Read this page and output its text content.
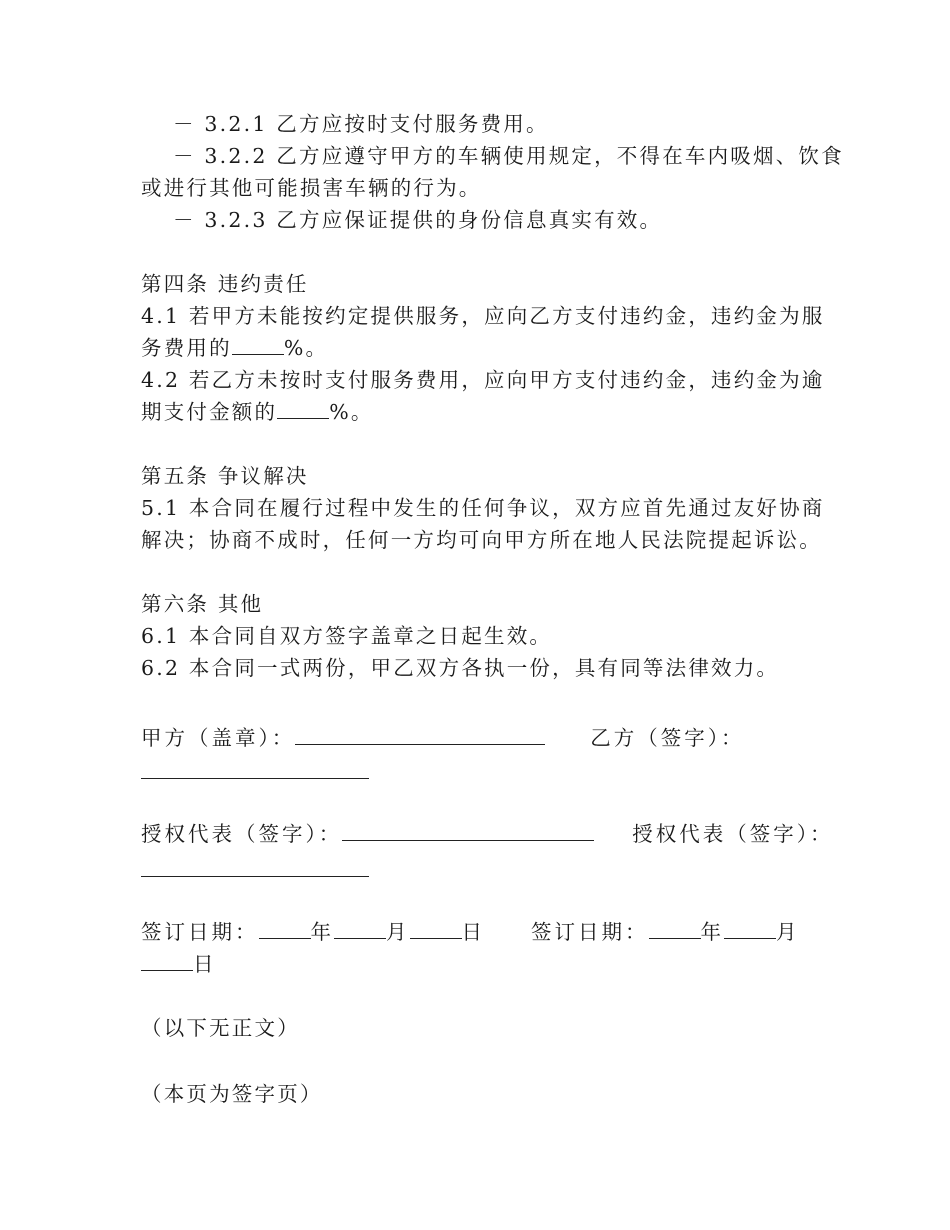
－ 3.2.1 乙方应按时支付服务费用。
－ 3.2.2 乙方应遵守甲方的车辆使用规定，不得在车内吸烟、饮食
或进行其他可能损害车辆的行为。
－ 3.2.3 乙方应保证提供的身份信息真实有效。
第四条 违约责任
4.1 若甲方未能按约定提供服务，应向乙方支付违约金，违约金为服
务费用的	%。
4.2 若乙方未按时支付服务费用，应向甲方支付违约金，违约金为逾
期支付金额的	%。
第五条 争议解决
5.1 本合同在履行过程中发生的任何争议，双方应首先通过友好协商
解决；协商不成时，任何一方均可向甲方所在地人民法院提起诉讼。
第六条 其他
6.1 本合同自双方签字盖章之日起生效。
6.2 本合同一式两份，甲乙双方各执一份，具有同等法律效力。
甲方（盖章）：	乙方（签字）：
授权代表（签字）：	授权代表（签字）：
签订日期：	年	月	日 签订日期：	年	月
日
（以下无正文）
（本页为签字页）
